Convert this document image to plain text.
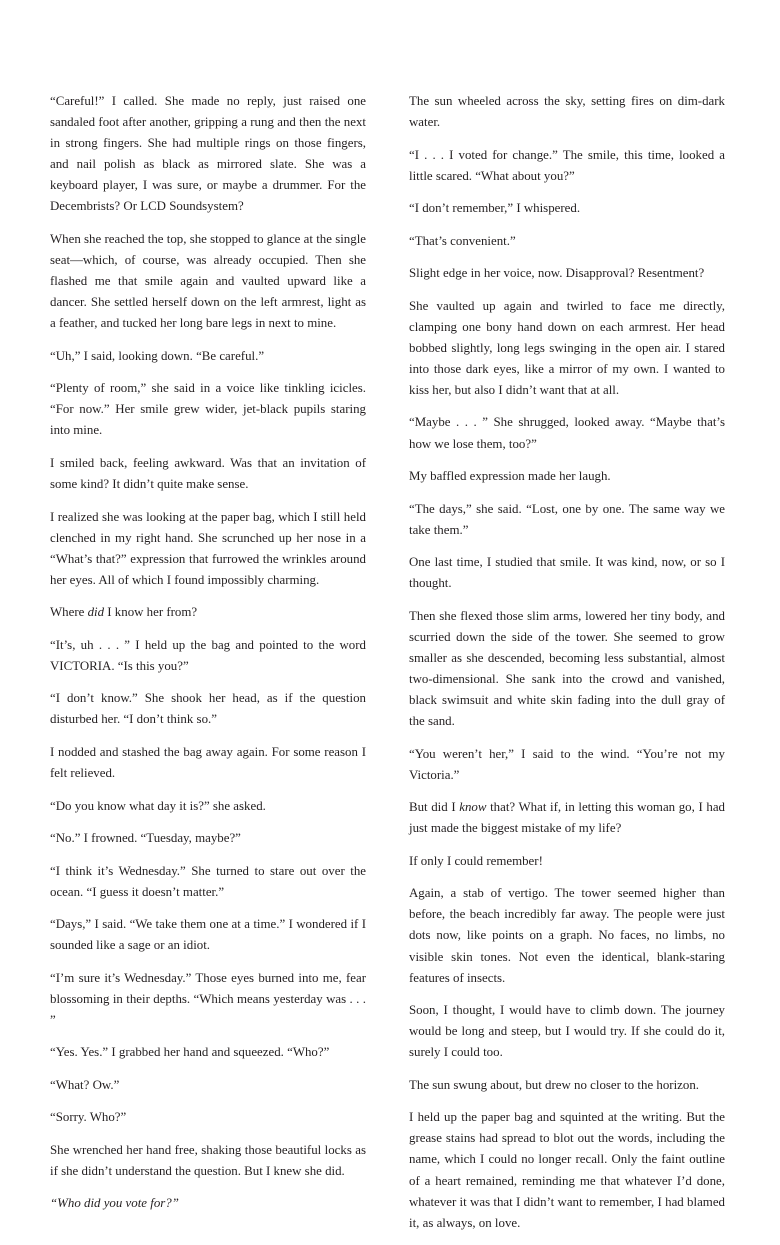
“Careful!” I called. She made no reply, just raised one sandaled foot after another, gripping a rung and then the next in strong fingers. She had multiple rings on those fingers, and nail polish as black as mirrored slate. She was a keyboard player, I was sure, or maybe a drummer. For the Decembrists? Or LCD Soundsystem?

When she reached the top, she stopped to glance at the single seat—which, of course, was already occupied. Then she flashed me that smile again and vaulted upward like a dancer. She settled herself down on the left armrest, light as a feather, and tucked her long bare legs in next to mine.

“Uh,” I said, looking down. “Be careful.”

“Plenty of room,” she said in a voice like tinkling icicles. “For now.” Her smile grew wider, jet-black pupils staring into mine.

I smiled back, feeling awkward. Was that an invitation of some kind? It didn’t quite make sense.

I realized she was looking at the paper bag, which I still held clenched in my right hand. She scrunched up her nose in a “What’s that?” expression that furrowed the wrinkles around her eyes. All of which I found impossibly charming.

Where did I know her from?

“It’s, uh . . . ” I held up the bag and pointed to the word VICTORIA. “Is this you?”

“I don’t know.” She shook her head, as if the question disturbed her. “I don’t think so.”

I nodded and stashed the bag away again. For some reason I felt relieved.

“Do you know what day it is?” she asked.

“No.” I frowned. “Tuesday, maybe?”

“I think it’s Wednesday.” She turned to stare out over the ocean. “I guess it doesn’t matter.”

“Days,” I said. “We take them one at a time.” I wondered if I sounded like a sage or an idiot.

“I’m sure it’s Wednesday.” Those eyes burned into me, fear blossoming in their depths. “Which means yesterday was . . . ”

“Yes. Yes.” I grabbed her hand and squeezed. “Who?”

“What? Ow.”

“Sorry. Who?”

She wrenched her hand free, shaking those beautiful locks as if she didn’t understand the question. But I knew she did.

“Who did you vote for?”

The sun wheeled across the sky, setting fires on dim-dark water.

“I . . . I voted for change.” The smile, this time, looked a little scared. “What about you?”

“I don’t remember,” I whispered.

“That’s convenient.”

Slight edge in her voice, now. Disapproval? Resentment?

She vaulted up again and twirled to face me directly, clamping one bony hand down on each armrest. Her head bobbed slightly, long legs swinging in the open air. I stared into those dark eyes, like a mirror of my own. I wanted to kiss her, but also I didn’t want that at all.

“Maybe . . . ” She shrugged, looked away. “Maybe that’s how we lose them, too?”

My baffled expression made her laugh.

“The days,” she said. “Lost, one by one. The same way we take them.”

One last time, I studied that smile. It was kind, now, or so I thought.

Then she flexed those slim arms, lowered her tiny body, and scurried down the side of the tower. She seemed to grow smaller as she descended, becoming less substantial, almost two-dimensional. She sank into the crowd and vanished, black swimsuit and white skin fading into the dull gray of the sand.

“You weren’t her,” I said to the wind. “You’re not my Victoria.”

But did I know that? What if, in letting this woman go, I had just made the biggest mistake of my life?

If only I could remember!

Again, a stab of vertigo. The tower seemed higher than before, the beach incredibly far away. The people were just dots now, like points on a graph. No faces, no limbs, no visible skin tones. Not even the identical, blank-staring features of insects.

Soon, I thought, I would have to climb down. The journey would be long and steep, but I would try. If she could do it, surely I could too.

The sun swung about, but drew no closer to the horizon.

I held up the paper bag and squinted at the writing. But the grease stains had spread to blot out the words, including the name, which I could no longer recall. Only the faint outline of a heart remained, reminding me that whatever I’d done, whatever it was that I didn’t want to remember, I had blamed it, as always, on love.
